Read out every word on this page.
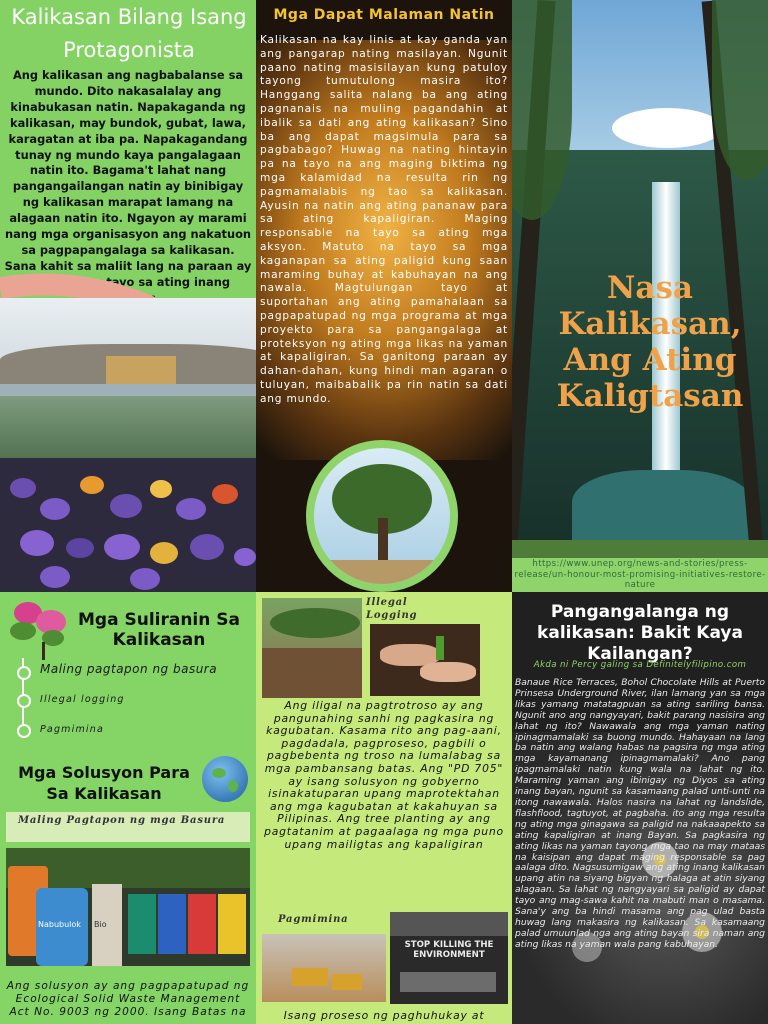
Kalikasan Bilang Isang Protagonista
Ang kalikasan ang nagbabalanse sa mundo. Dito nakasalalay ang kinabukasan natin. Napakaganda ng kalikasan, may bundok, gubat, lawa, karagatan at iba pa. Napakagandang tunay ng mundo kaya pangalagaan natin ito. Bagama't lahat nang pangangailangan natin ay binibigay ng kalikasan marapat lamang na alagaan natin ito. Ngayon ay marami nang mga organisasyon ang nakatuon sa pagpapangalaga sa kalikasan. Sana kahit sa maliit lang na paraan ay makatulong tayo sa ating inang
Mga Dapat Malaman Natin
Kalikasan na kay linis at kay ganda yan ang pangarap nating masilayan. Ngunit paano nating masisilayan kung patuloy tayong tumutulong masira ito? Hanggang salita nalang ba ang ating pagnanais na muling pagandahin at ibalik sa dati ang ating kalikasan? Sino ba ang dapat magsimula para sa pagbabago? Huwag na nating hintayin pa na tayo na ang maging biktima ng mga kalamidad na resulta rin ng pagmamalabis ng tao sa kalikasan. Ayusin na natin ang ating pananaw para sa ating kapaligiran. Maging responsable na tayo sa ating mga aksyon. Matuto na tayo sa mga kaganapan sa ating paligid kung saan maraming buhay at kabuhayan na ang nawala. Magtulungan tayo at suportahan ang ating pamahalaan sa pagpapatupad ng mga programa at mga proyekto para sa pangangalaga at proteksyon ng ating mga likas na yaman at kapaligiran. Sa ganitong paraan ay dahan-dahan, kung hindi man agaran o tuluyan, maibabalik pa rin natin sa dati ang mundo.
Nasa Kalikasan, Ang Ating Kaligtasan
https://www.unep.org/news-and-stories/press-release/un-honour-most-promising-initiatives-restore-nature
Mga Suliranin Sa Kalikasan
Maling pagtapon ng basura
Illegal logging
Pagmimina
Mga Solusyon Para Sa Kalikasan
Maling Pagtapon ng mga Basura
Nabubulok Bio
Ang solusyon ay ang pagpapatupad ng Ecological Solid Waste Management Act No. 9003 ng 2000. Isang Batas na
Illegal Logging
Ang iligal na pagtrotroso ay ang pangunahing sanhi ng pagkasira ng kagubatan. Kasama rito ang pag-aani, pagdadala, pagproseso, pagbili o pagbebenta ng troso na lumalabag sa mga pambansang batas. Ang "PD 705" ay isang solusyon ng gobyerno isinakatuparan upang maprotektahan ang mga kagubatan at kakahuyan sa Pilipinas. Ang tree planting ay ang pagtatanim at pagaalaga ng mga puno upang mailigtas ang kapaligiran
Pagmimina
STOP KILLING THE ENVIRONMENT
Isang proseso ng paghuhukay at
Pangangalanga ng kalikasan: Bakit Kaya Kailangan?
Akda ni Percy galing sa Definitelyfilipino.com
Banaue Rice Terraces, Bohol Chocolate Hills at Puerto Prinsesa Underground River, ilan lamang yan sa mga likas yamang matatagpuan sa ating sariling bansa. Ngunit ano ang nangyayari, bakit parang nasisira ang lahat ng ito? Nawawala ang mga yaman nating ipinagmamalaki sa buong mundo. Hahayaan na lang ba natin ang walang habas na pagsira ng mga ating mga kayamanang ipinagmamalaki? Ano pang ipagmamalaki natin kung wala na lahat ng ito. Maraming yaman ang ibinigay ng Diyos sa ating inang bayan, ngunit sa kasamaang palad unti-unti na itong nawawala. Halos nasira na lahat ng landslide, flashflood, tagtuyot, at pagbaha. ito ang mga resulta ng ating mga ginagawa sa paligid na nakaaapekto sa ating kapaligiran at inang Bayan. Sa pagkasira ng ating likas na yaman tayong mga tao na may mataas na kaisipan ang dapat maging responsable sa pag aalaga dito. Nagsusumigaw ang ating inang kalikasan upang atin na siyang bigyan ng halaga at atin siyang alagaan. Sa lahat ng nangyayari sa paligid ay dapat tayo ang mag-sawa kahit na mabuti man o masama. Sana'y ang ba hindi masama ang pag ulad basta huwag lang makasira ng kalikasan. Sa kasamaang palad umuunlad nga ang ating bayan sira naman ang ating likas na yaman wala pang kabuhayan.
